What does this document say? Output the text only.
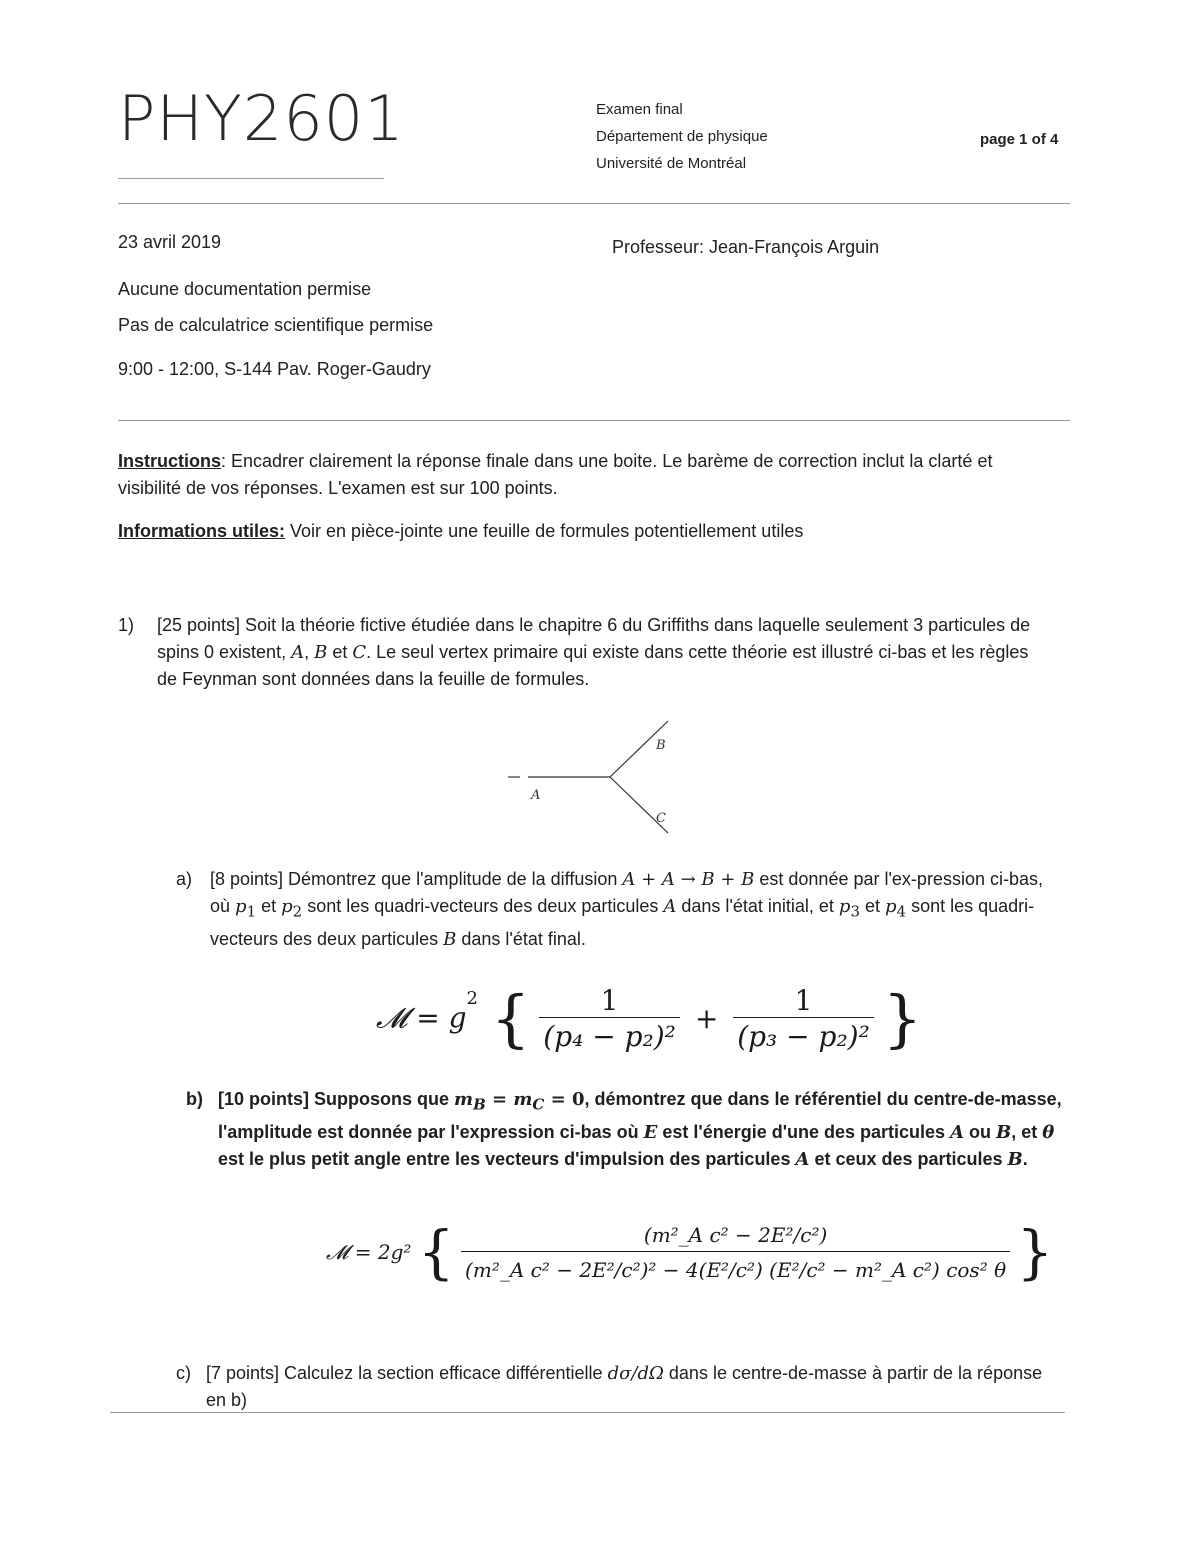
PHY2601	Examen final
Département de physique
Université de Montréal
page 1 of 4
23 avril 2019	Professeur: Jean-François Arguin
Aucune documentation permise
Pas de calculatrice scientifique permise
9:00 - 12:00, S-144 Pav. Roger-Gaudry
Instructions: Encadrer clairement la réponse finale dans une boite. Le barème de correction inclut la clarté et visibilité de vos réponses. L'examen est sur 100 points.
Informations utiles: Voir en pièce-jointe une feuille de formules potentiellement utiles
1) [25 points] Soit la théorie fictive étudiée dans le chapitre 6 du Griffiths dans laquelle seulement 3 particules de spins 0 existent, A, B et C. Le seul vertex primaire qui existe dans cette théorie est illustré ci-bas et les règles de Feynman sont données dans la feuille de formules.
A
B
C
a) [8 points] Démontrez que l'amplitude de la diffusion A + A → B + B est donnée par l'ex-pression ci-bas, où $p_1$ et $p_2$ sont les quadri-vecteurs des deux particules A dans l'état initial, et $p_3$ et $p_4$ sont les quadri-vecteurs des deux particules B dans l'état final.
𝓜 = $g^2$ { $\frac{1}{\text{(p₄ − p₂)²}} + \frac{1}{\text{(p₃ − p₂)²}}$ }
b) [10 points] Supposons que $m_B = m_C = 0$, démontrez que dans le référentiel du centre-de-masse, l'amplitude est donnée par l'expression ci-bas où E est l'énergie d'une des particules A ou B, et θ est le plus petit angle entre les vecteurs d'impulsion des particules A et ceux des particules B.
𝓜 = 2g² { $\frac{\text{(m²\_A c² − 2E²/c²)}}{\text{(m²\_A c² − 2E²/c²)² − 4(E²/c²) (E²/c² − m²\_A c²) cos² θ}}$ }
c) [7 points] Calculez la section efficace différentielle dσ/dΩ dans le centre-de-masse à partir de la réponse en b)
